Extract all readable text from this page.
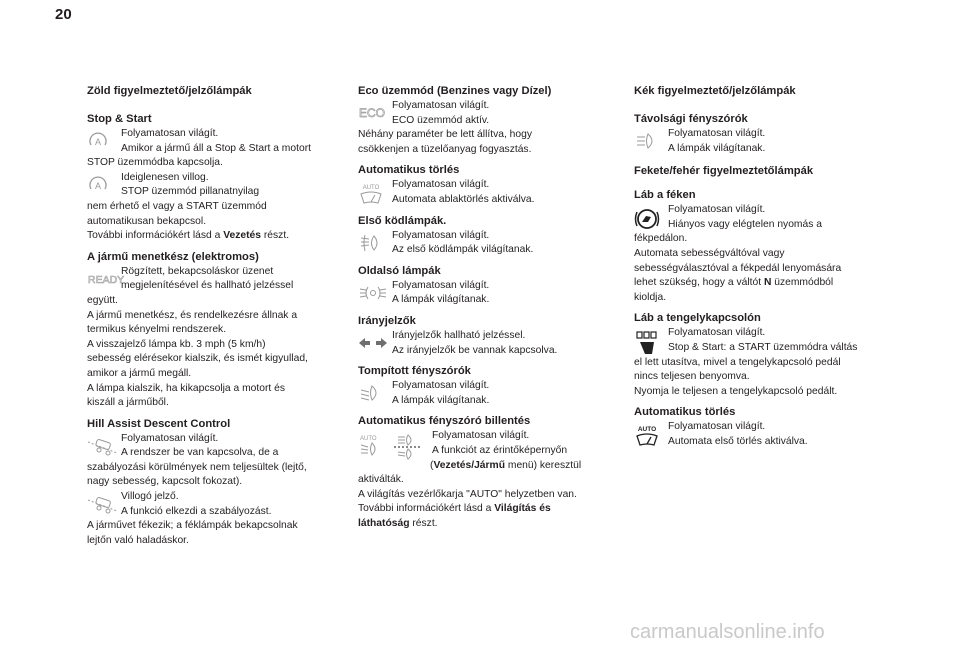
20
Zöld figyelmeztető/jelzőlámpák
Stop & Start
A
Folyamatosan világít.
Amikor a jármű áll a Stop & Start a motort
STOP üzemmódba kapcsolja.
A
Ideiglenesen villog.
STOP üzemmód pillanatnyilag
nem érhető el vagy a START üzemmód
automatikusan bekapcsol.
További információkért lásd a Vezetés részt.
A jármű menetkész (elektromos)
READY
Rögzített, bekapcsoláskor üzenet
megjelenítésével és hallható jelzéssel
együtt.
A jármű menetkész, és rendelkezésre állnak a
termikus kényelmi rendszerek.
A visszajelző lámpa kb. 3 mph (5 km/h)
sebesség elérésekor kialszik, és ismét kigyullad,
amikor a jármű megáll.
A lámpa kialszik, ha kikapcsolja a motort és
kiszáll a járműből.
Hill Assist Descent Control
Folyamatosan világít.
A rendszer be van kapcsolva, de a
szabályozási körülmények nem teljesültek (lejtő,
nagy sebesség, kapcsolt fokozat).
Villogó jelző.
A funkció elkezdi a szabályozást.
A járművet fékezik; a féklámpák bekapcsolnak
lejtőn való haladáskor.
Eco üzemmód (Benzines vagy Dízel)
ECO
Folyamatosan világít.
ECO üzemmód aktív.
Néhány paraméter be lett állítva, hogy
csökkenjen a tüzelőanyag fogyasztás.
Automatikus törlés
AUTO Folyamatosan világít.
Automata ablaktörlés aktiválva.
Első ködlámpák.
Folyamatosan világít.
Az első ködlámpák világítanak.
Oldalsó lámpák
Folyamatosan világít.
A lámpák világítanak.
Irányjelzők
Irányjelzők hallható jelzéssel.
Az irányjelzők be vannak kapcsolva.
Tompított fényszórók
Folyamatosan világít.
A lámpák világítanak.
Automatikus fényszóró billentés
AUTO	Folyamatosan világít.
A funkciót az érintőképernyőn
(Vezetés/Jármű menü) keresztül aktiválták.
A világítás vezérlőkarja "AUTO" helyzetben van.
További információkért lásd a Világítás és
láthatóság részt.
Kék figyelmeztető/jelzőlámpák
Távolsági fényszórók
Folyamatosan világít.
A lámpák világítanak.
Fekete/fehér figyelmeztetőlámpák
Láb a féken
Folyamatosan világít.
Hiányos vagy elégtelen nyomás a
fékpedálon.
Automata sebességváltóval vagy
sebességválasztóval a fékpedál lenyomására
lehet szükség, hogy a váltót N üzemmódból
kioldja.
Láb a tengelykapcsolón
Folyamatosan világít.
Stop & Start: a START üzemmódra váltás
el lett utasítva, mivel a tengelykapcsoló pedál
nincs teljesen benyomva.
Nyomja le teljesen a tengelykapcsoló pedált.
Automatikus törlés
AUTO Folyamatosan világít.
Automata első törlés aktiválva.
carmanualsonline.info
